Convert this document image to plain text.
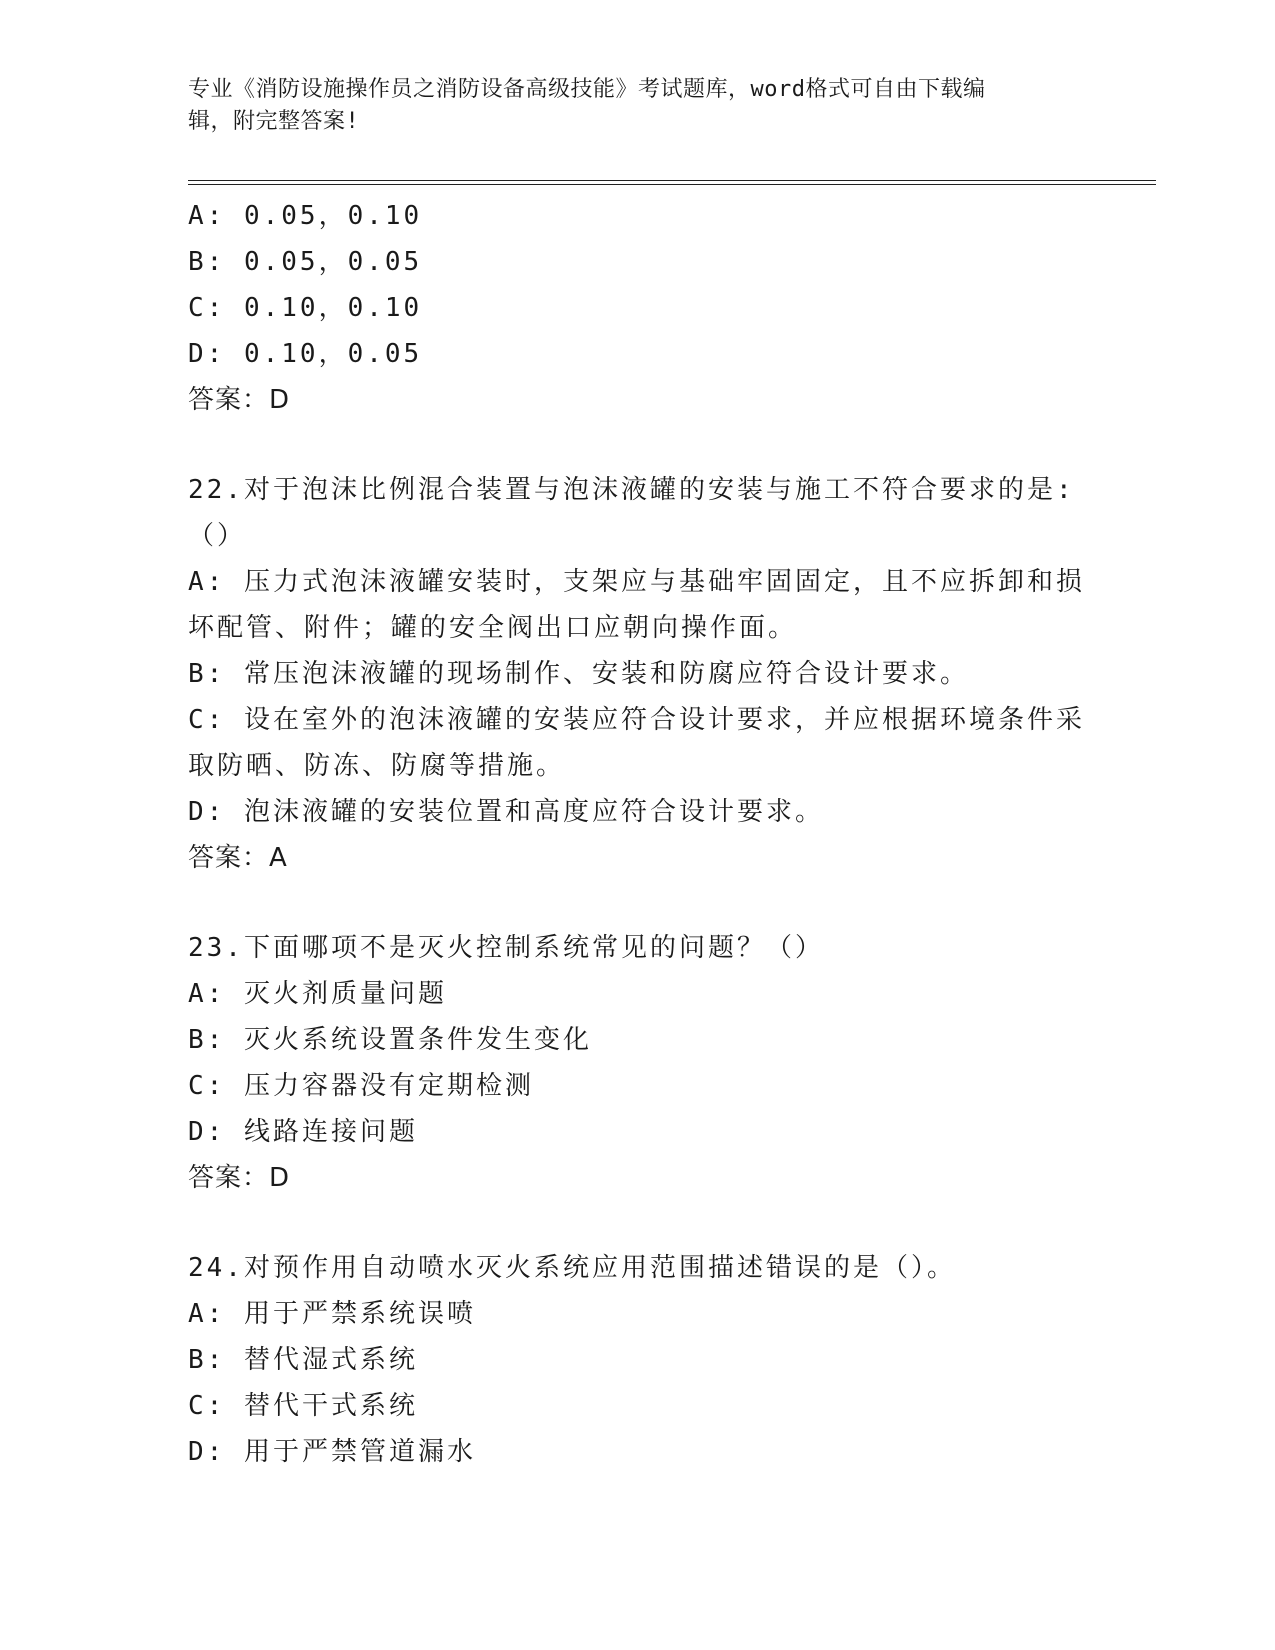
专业《消防设施操作员之消防设备高级技能》考试题库，word格式可自由下载编
辑，附完整答案!
A: 0.05，0.10
B: 0.05，0.05
C: 0.10，0.10
D: 0.10，0.05
答案：D
22.对于泡沫比例混合装置与泡沫液罐的安装与施工不符合要求的是:
（）
A: 压力式泡沫液罐安装时，支架应与基础牢固固定，且不应拆卸和损
坏配管、附件；罐的安全阀出口应朝向操作面。
B: 常压泡沫液罐的现场制作、安装和防腐应符合设计要求。
C: 设在室外的泡沫液罐的安装应符合设计要求，并应根据环境条件采
取防晒、防冻、防腐等措施。
D: 泡沫液罐的安装位置和高度应符合设计要求。
答案：A
23.下面哪项不是灭火控制系统常见的问题？（）
A: 灭火剂质量问题
B: 灭火系统设置条件发生变化
C: 压力容器没有定期检测
D: 线路连接问题
答案：D
24.对预作用自动喷水灭火系统应用范围描述错误的是（）。
A: 用于严禁系统误喷
B: 替代湿式系统
C: 替代干式系统
D: 用于严禁管道漏水
